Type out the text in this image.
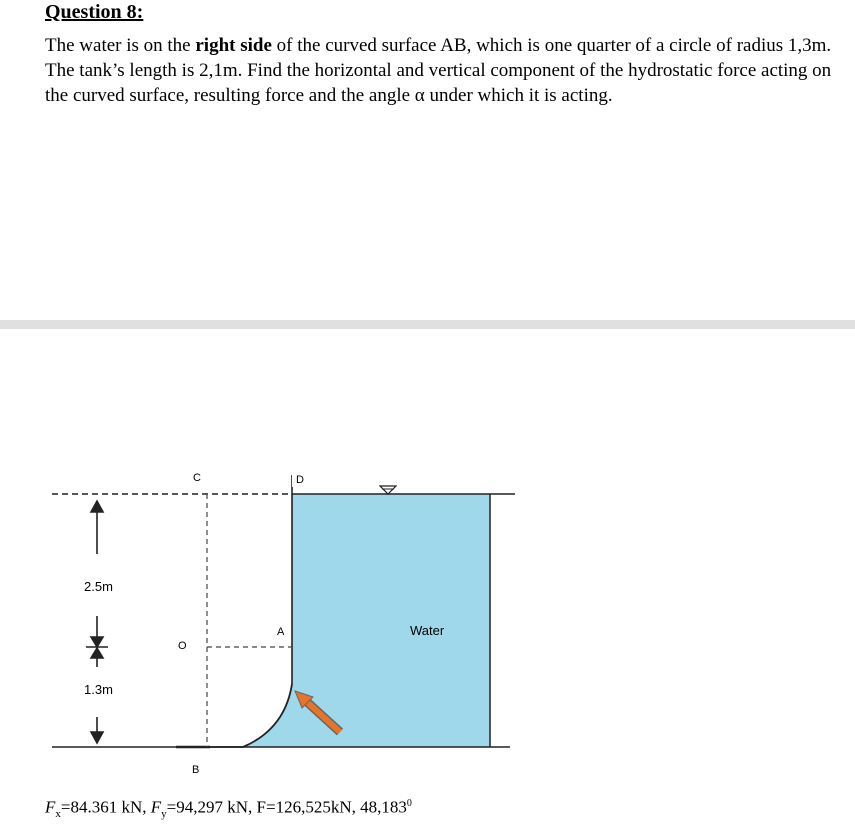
Question 8:
The water is on the right side of the curved surface AB, which is one quarter of a circle of radius 1,3m. The tank’s length is 2,1m. Find the horizontal and vertical component of the hydrostatic force acting on the curved surface, resulting force and the angle α under which it is acting.
C	D
A
O
B
Water
2.5m
1.3m
$F_x=84.361$ kN, $F_y=94,297$ kN, F=126,525kN, 48,183$^0$
